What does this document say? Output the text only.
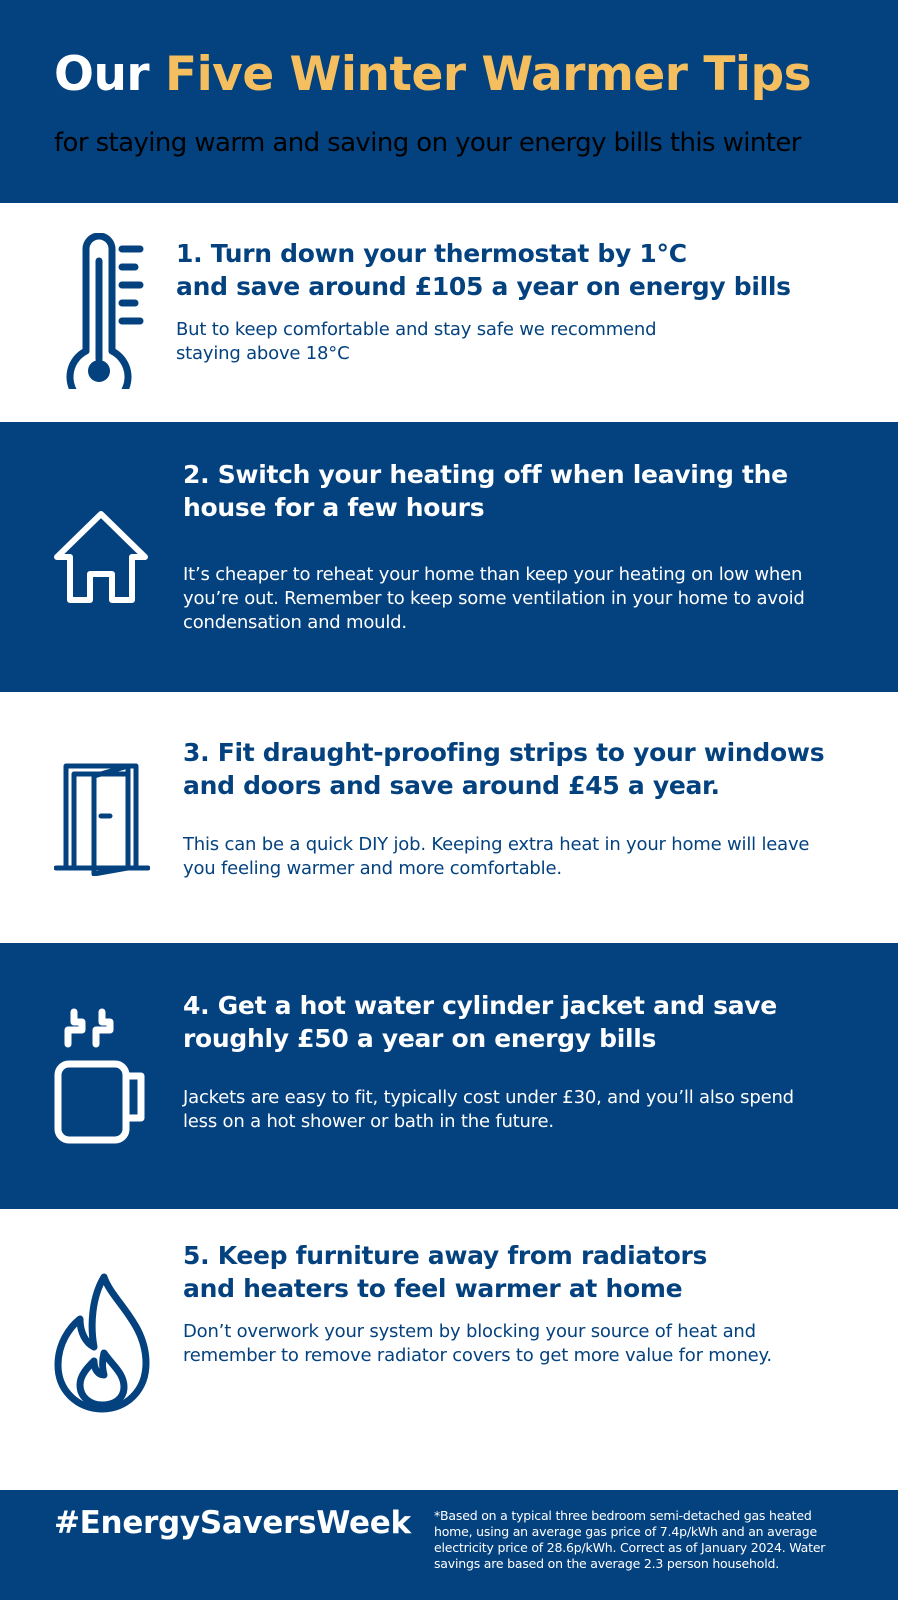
Our Five Winter Warmer Tips
for staying warm and saving on your energy bills this winter
1. Turn down your thermostat by 1°C
and save around £105 a year on energy bills
But to keep comfortable and stay safe we recommend
staying above 18°C
2. Switch your heating off when leaving the
house for a few hours
It’s cheaper to reheat your home than keep your heating on low when
you’re out. Remember to keep some ventilation in your home to avoid
condensation and mould.
3. Fit draught-proofing strips to your windows
and doors and save around £45 a year.
This can be a quick DIY job. Keeping extra heat in your home will leave
you feeling warmer and more comfortable.
4. Get a hot water cylinder jacket and save
roughly £50 a year on energy bills
Jackets are easy to fit, typically cost under £30, and you’ll also spend
less on a hot shower or bath in the future.
5. Keep furniture away from radiators
and heaters to feel warmer at home
Don’t overwork your system by blocking your source of heat and
remember to remove radiator covers to get more value for money.
#EnergySaversWeek *Based on a typical three bedroom semi-detached gas heated
home, using an average gas price of 7.4p/kWh and an average
electricity price of 28.6p/kWh. Correct as of January 2024. Water
savings are based on the average 2.3 person household.
